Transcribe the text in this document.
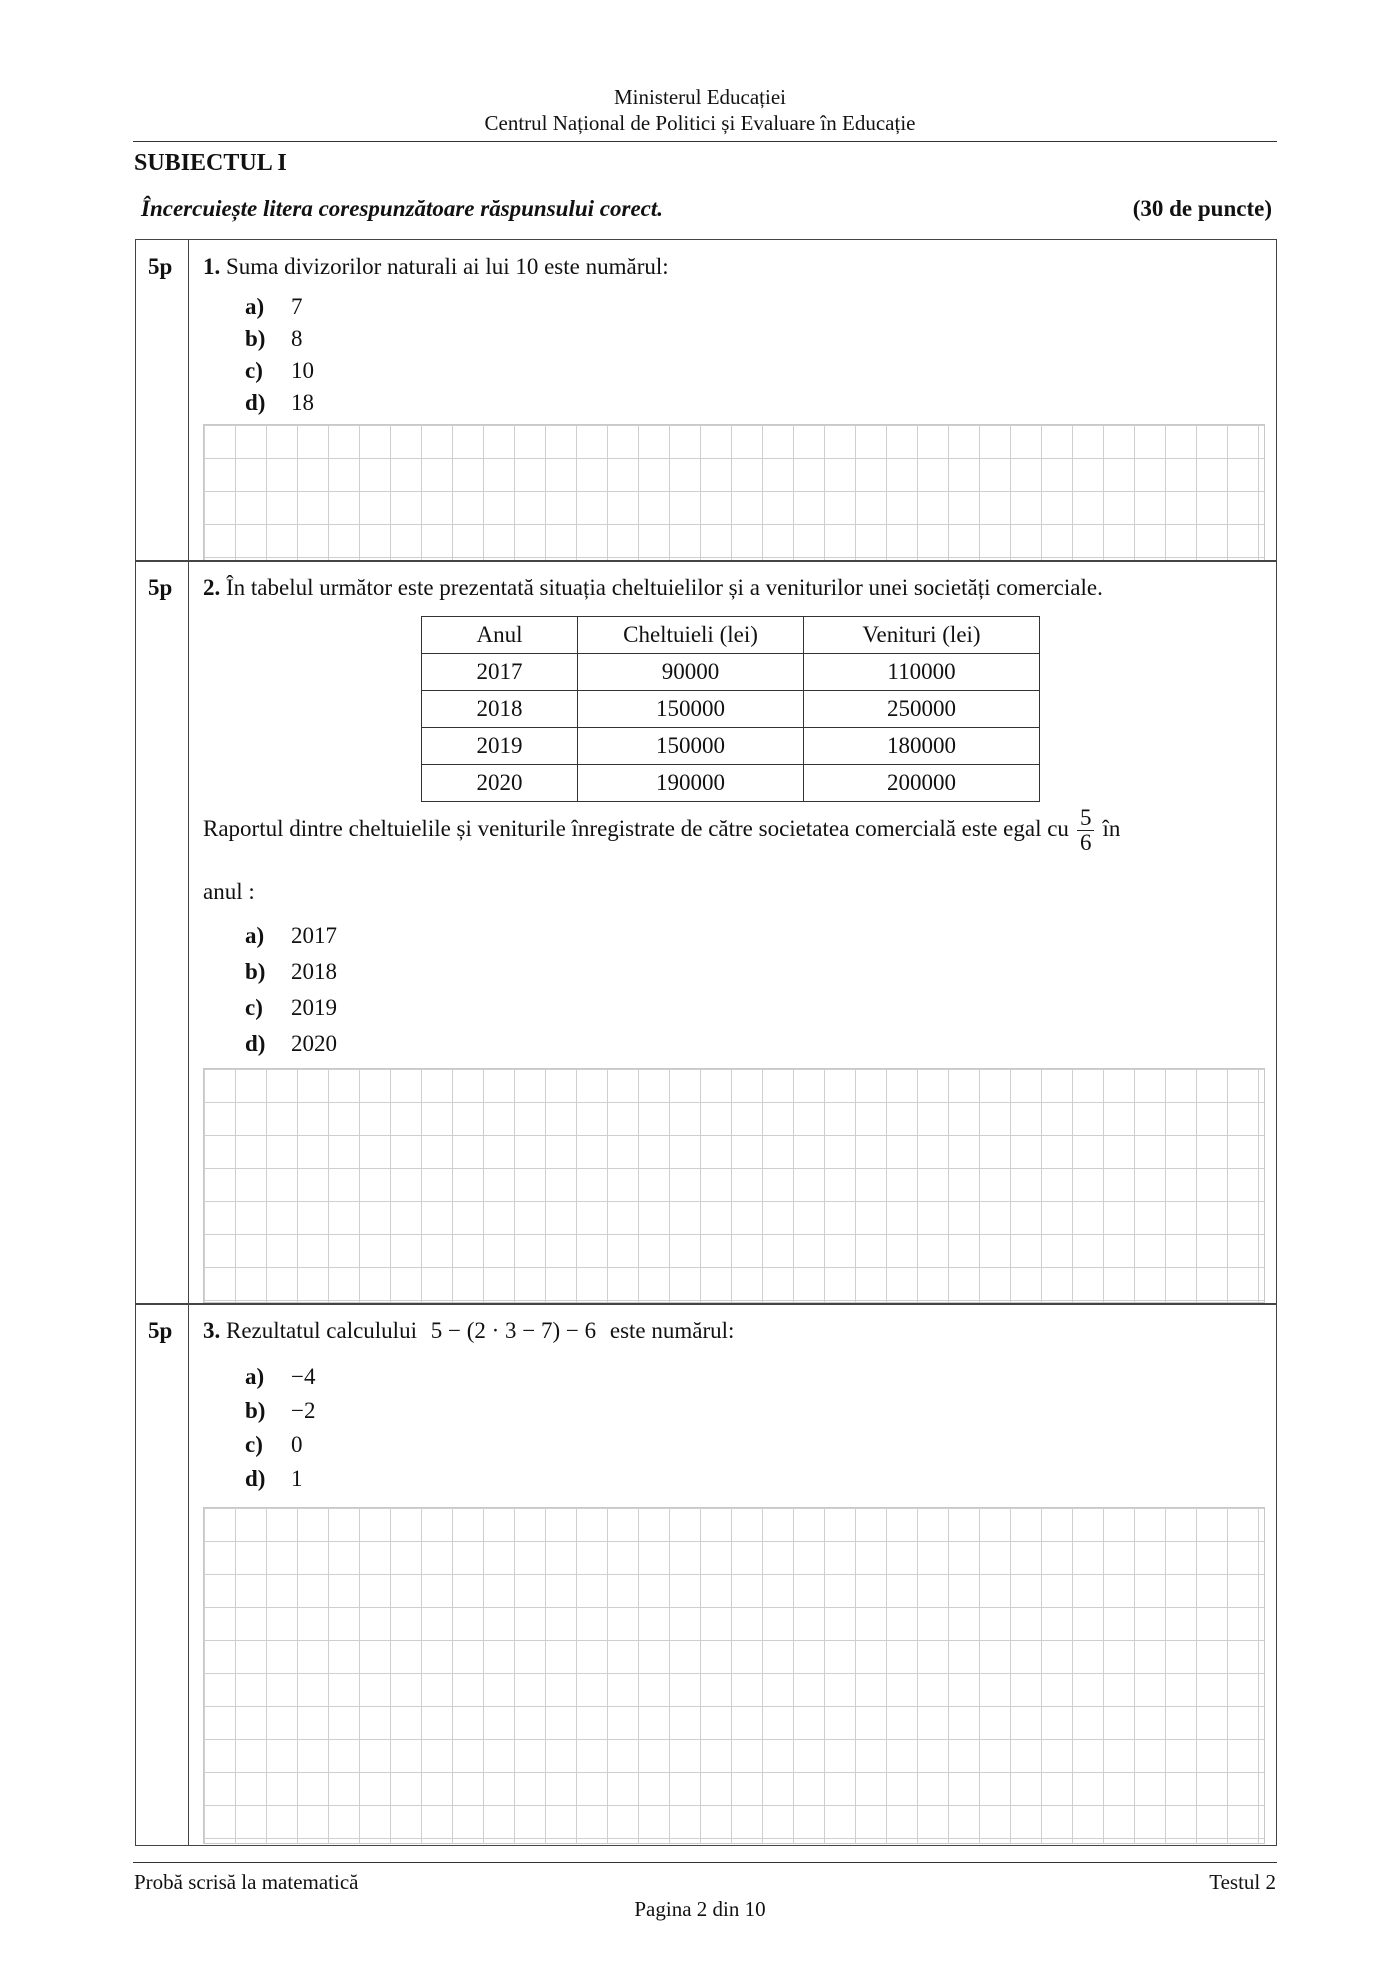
Ministerul Educației
Centrul Național de Politici și Evaluare în Educație
SUBIECTUL I
Încercuiește litera corespunzătoare răspunsului corect.	(30 de puncte)
5p 1. Suma divizorilor naturali ai lui 10 este numărul:
a)	7
b)	8
c)	10
d)	18
5p 2. În tabelul următor este prezentată situația cheltuielilor și a veniturilor unei societăți comerciale.
Anul	Cheltuieli (lei)	Venituri (lei)
2017	90000	110000
2018	150000	250000
2019	150000	180000
2020	190000	200000
Raportul dintre cheltuielile și veniturile înregistrate de către societatea comercială este egal cu $\frac{5}{6}$ în
anul :
a)	2017
b)	2018
c)	2019
d)	2020
5p 3. Rezultatul calculului 5 − (2 · 3 − 7) − 6 este numărul:
a)	−4
b)	−2
c)	0
d)	1
Probă scrisă la matematică	Testul 2
Pagina 2 din 10
